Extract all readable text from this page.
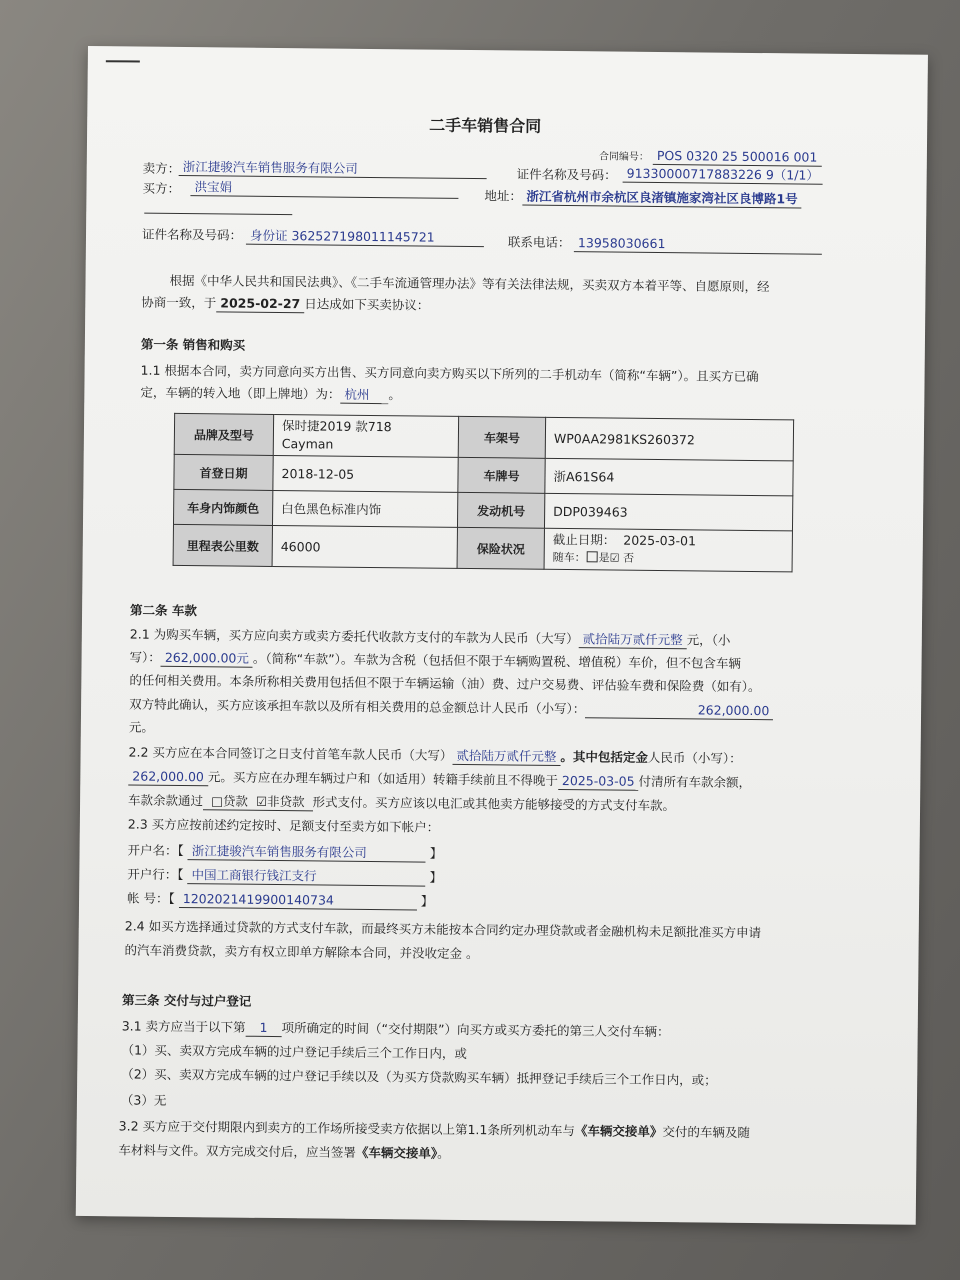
二手车销售合同
合同编号： POS 0320 25 500016 001
卖方： 浙江捷骏汽车销售服务有限公司	证件名称及号码： 91330000717883226 9（1/1）
买方：	洪宝娟
地址： 浙江省杭州市余杭区良渚镇施家湾社区良博路1号
证件名称及号码： 身份证 362527198011145721	联系电话： 13958030661
根据《中华人民共和国民法典》、《二手车流通管理办法》等有关法律法规，买卖双方本着平等、自愿原则，经
协商一致，于 2025-02-27 日达成如下买卖协议：
第一条 销售和购买
1.1 根据本合同，卖方同意向买方出售、买方同意向卖方购买以下所列的二手机动车（简称“车辆”）。且买方已确
定，车辆的转入地（即上牌地）为： 杭州 。
品牌及型号	保时捷2019 款718
Cayman	车架号	WP0AA2981KS260372
首登日期	2018-12-05	车牌号	浙A61S64
车身内饰颜色	白色黑色标准内饰	发动机号	DDP039463
里程表公里数	46000	保险状况	截止日期： 2025-03-01
随车： 是☑ 否
第二条 车款
2.1 为购买车辆，买方应向卖方或卖方委托代收款方支付的车款为人民币（大写） 贰拾陆万贰仟元整 元，（小
写）： 262,000.00元 。（简称“车款”）。车款为含税（包括但不限于车辆购置税、增值税）车价，但不包含车辆
的任何相关费用。本条所称相关费用包括但不限于车辆运输（油）费、过户交易费、评估验车费和保险费（如有）。
双方特此确认，买方应该承担车款以及所有相关费用的总金额总计人民币（小写）：	262,000.00
元。
2.2 买方应在本合同签订之日支付首笔车款人民币（大写） 贰拾陆万贰仟元整 。其中包括定金人民币（小写）：
262,000.00 元。买方应在办理车辆过户和（如适用）转籍手续前且不得晚于 2025-03-05 付清所有车款余额，
车款余款通过 □贷款 ☑非贷款 形式支付。买方应该以电汇或其他卖方能够接受的方式支付车款。
2.3 买方应按前述约定按时、足额支付至卖方如下帐户：
开户名：【 浙江捷骏汽车销售服务有限公司	】
开户行：【 中国工商银行钱江支行	】
帐 号：【 1202021419900140734	】
2.4 如买方选择通过贷款的方式支付车款，而最终买方未能按本合同约定办理贷款或者金融机构未足额批准买方申请
的汽车消费贷款，卖方有权立即单方解除本合同，并没收定金 。
第三条 交付与过户登记
3.1 卖方应当于以下第 1 项所确定的时间（“交付期限”）向买方或买方委托的第三人交付车辆：
（1）买、卖双方完成车辆的过户登记手续后三个工作日内，或
（2）买、卖双方完成车辆的过户登记手续以及（为买方贷款购买车辆）抵押登记手续后三个工作日内，或；
（3）无
3.2 买方应于交付期限内到卖方的工作场所接受卖方依据以上第1.1条所列机动车与《车辆交接单》交付的车辆及随
车材料与文件。双方完成交付后，应当签署《车辆交接单》。
